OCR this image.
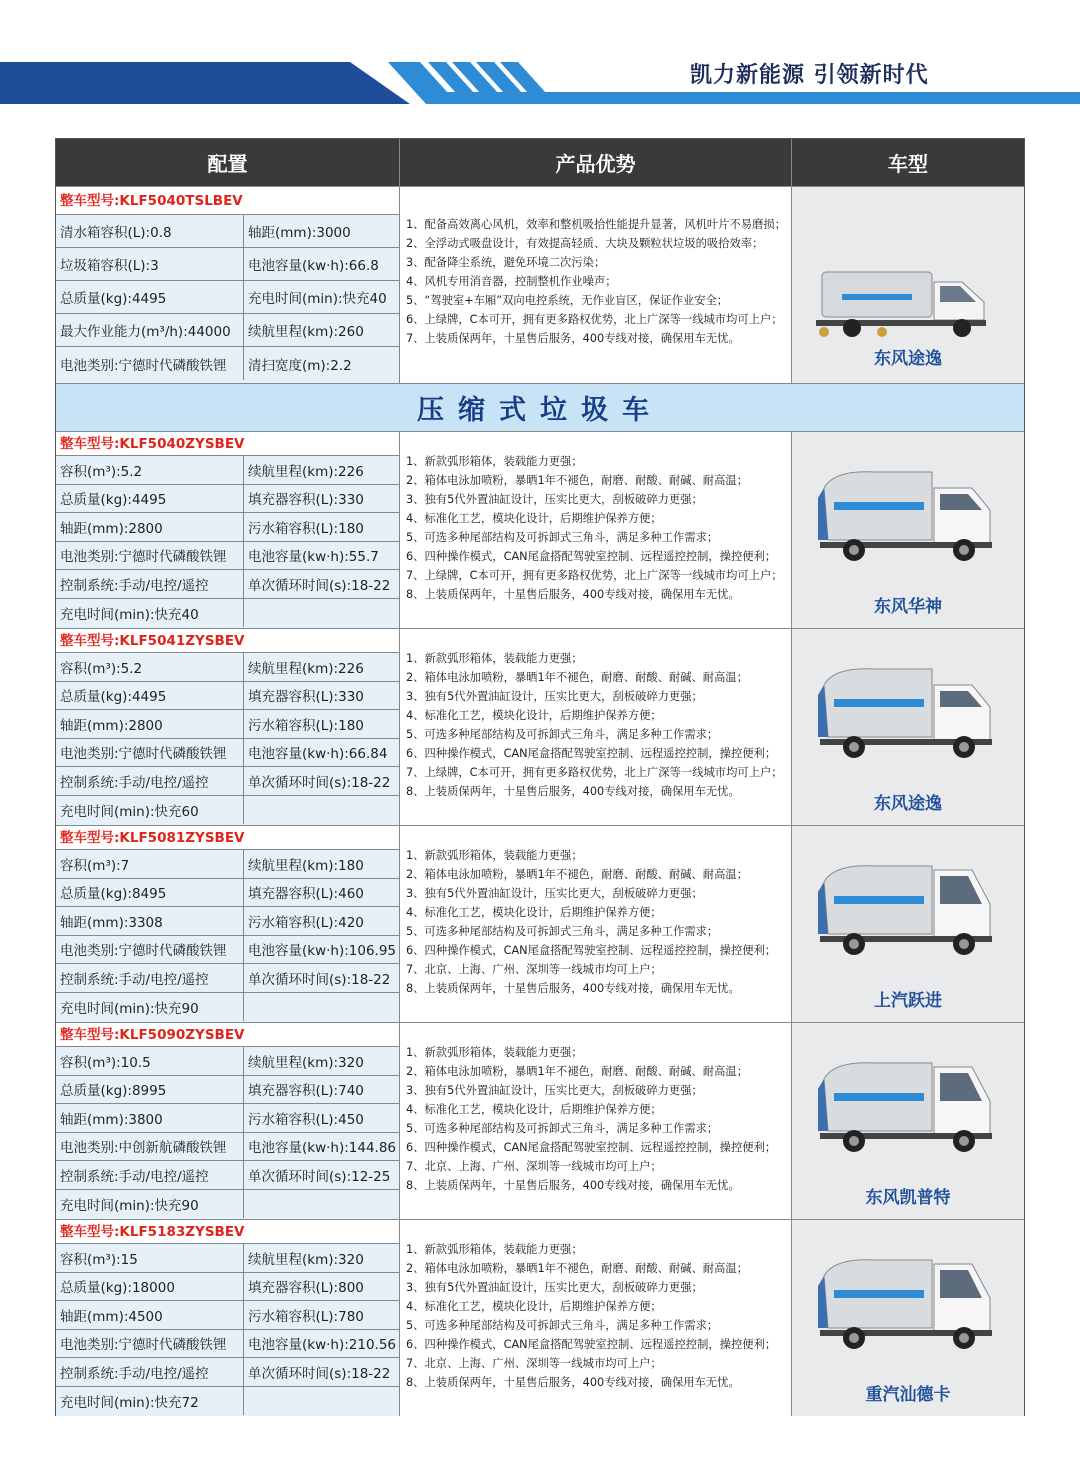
凯力新能源 引领新时代
配置	产品优势	车型
整车型号:KLF5040TSLBEV
清水箱容积(L):0.8	轴距(mm):3000
垃圾箱容积(L):3	电池容量(kw·h):66.8
总质量(kg):4495	充电时间(min):快充40
最大作业能力(m³/h):44000	续航里程(km):260
电池类别:宁德时代磷酸铁锂	清扫宽度(m):2.2
1、配备高效离心风机，效率和整机吸拾性能提升显著，风机叶片不易磨损；
2、全浮动式吸盘设计，有效提高轻质、大块及颗粒状垃圾的吸拾效率；
3、配备降尘系统，避免环境二次污染；
4、风机专用消音器，控制整机作业噪声；
5、“驾驶室+车厢”双向电控系统，无作业盲区，保证作业安全；
6、上绿牌，C本可开，拥有更多路权优势，北上广深等一线城市均可上户；
7、上装质保两年，十星售后服务，400专线对接，确保用车无忧。
东风途逸
压缩式垃圾车
整车型号:KLF5040ZYSBEV
容积(m³):5.2	续航里程(km):226
总质量(kg):4495	填充器容积(L):330
轴距(mm):2800	污水箱容积(L):180
电池类别:宁德时代磷酸铁锂	电池容量(kw·h):55.7
控制系统:手动/电控/遥控	单次循环时间(s):18-22
充电时间(min):快充40
1、新款弧形箱体，装载能力更强；
2、箱体电泳加喷粉，暴晒1年不褪色，耐磨、耐酸、耐碱、耐高温；
3、独有5代外置油缸设计，压实比更大，刮板破碎力更强；
4、标准化工艺，模块化设计，后期维护保养方便；
5、可选多种尾部结构及可拆卸式三角斗，满足多种工作需求；
6、四种操作模式，CAN尾盒搭配驾驶室控制、远程遥控控制，操控便利；
7、上绿牌，C本可开，拥有更多路权优势，北上广深等一线城市均可上户；
8、上装质保两年，十星售后服务，400专线对接，确保用车无忧。
东风华神
整车型号:KLF5041ZYSBEV
容积(m³):5.2	续航里程(km):226
总质量(kg):4495	填充器容积(L):330
轴距(mm):2800	污水箱容积(L):180
电池类别:宁德时代磷酸铁锂	电池容量(kw·h):66.84
控制系统:手动/电控/遥控	单次循环时间(s):18-22
充电时间(min):快充60
1、新款弧形箱体，装载能力更强；
2、箱体电泳加喷粉，暴晒1年不褪色，耐磨、耐酸、耐碱、耐高温；
3、独有5代外置油缸设计，压实比更大，刮板破碎力更强；
4、标准化工艺，模块化设计，后期维护保养方便；
5、可选多种尾部结构及可拆卸式三角斗，满足多种工作需求；
6、四种操作模式，CAN尾盒搭配驾驶室控制、远程遥控控制，操控便利；
7、上绿牌，C本可开，拥有更多路权优势，北上广深等一线城市均可上户；
8、上装质保两年，十星售后服务，400专线对接，确保用车无忧。
东风途逸
整车型号:KLF5081ZYSBEV
容积(m³):7	续航里程(km):180
总质量(kg):8495	填充器容积(L):460
轴距(mm):3308	污水箱容积(L):420
电池类别:宁德时代磷酸铁锂	电池容量(kw·h):106.95
控制系统:手动/电控/遥控	单次循环时间(s):18-22
充电时间(min):快充90
1、新款弧形箱体，装载能力更强；
2、箱体电泳加喷粉，暴晒1年不褪色，耐磨、耐酸、耐碱、耐高温；
3、独有5代外置油缸设计，压实比更大，刮板破碎力更强；
4、标准化工艺，模块化设计，后期维护保养方便；
5、可选多种尾部结构及可拆卸式三角斗，满足多种工作需求；
6、四种操作模式，CAN尾盒搭配驾驶室控制、远程遥控控制，操控便利；
7、北京、上海、广州、深圳等一线城市均可上户；
8、上装质保两年，十星售后服务，400专线对接，确保用车无忧。
上汽跃进
整车型号:KLF5090ZYSBEV
容积(m³):10.5	续航里程(km):320
总质量(kg):8995	填充器容积(L):740
轴距(mm):3800	污水箱容积(L):450
电池类别:中创新航磷酸铁锂	电池容量(kw·h):144.86
控制系统:手动/电控/遥控	单次循环时间(s):12-25
充电时间(min):快充90
1、新款弧形箱体，装载能力更强；
2、箱体电泳加喷粉，暴晒1年不褪色，耐磨、耐酸、耐碱、耐高温；
3、独有5代外置油缸设计，压实比更大，刮板破碎力更强；
4、标准化工艺，模块化设计，后期维护保养方便；
5、可选多种尾部结构及可拆卸式三角斗，满足多种工作需求；
6、四种操作模式，CAN尾盒搭配驾驶室控制、远程遥控控制，操控便利；
7、北京、上海、广州、深圳等一线城市均可上户；
8、上装质保两年，十星售后服务，400专线对接，确保用车无忧。
东风凯普特
整车型号:KLF5183ZYSBEV
容积(m³):15	续航里程(km):320
总质量(kg):18000	填充器容积(L):800
轴距(mm):4500	污水箱容积(L):780
电池类别:宁德时代磷酸铁锂	电池容量(kw·h):210.56
控制系统:手动/电控/遥控	单次循环时间(s):18-22
充电时间(min):快充72
1、新款弧形箱体，装载能力更强；
2、箱体电泳加喷粉，暴晒1年不褪色，耐磨、耐酸、耐碱、耐高温；
3、独有5代外置油缸设计，压实比更大，刮板破碎力更强；
4、标准化工艺，模块化设计，后期维护保养方便；
5、可选多种尾部结构及可拆卸式三角斗，满足多种工作需求；
6、四种操作模式，CAN尾盒搭配驾驶室控制、远程遥控控制，操控便利；
7、北京、上海、广州、深圳等一线城市均可上户；
8、上装质保两年，十星售后服务，400专线对接，确保用车无忧。
重汽汕德卡
